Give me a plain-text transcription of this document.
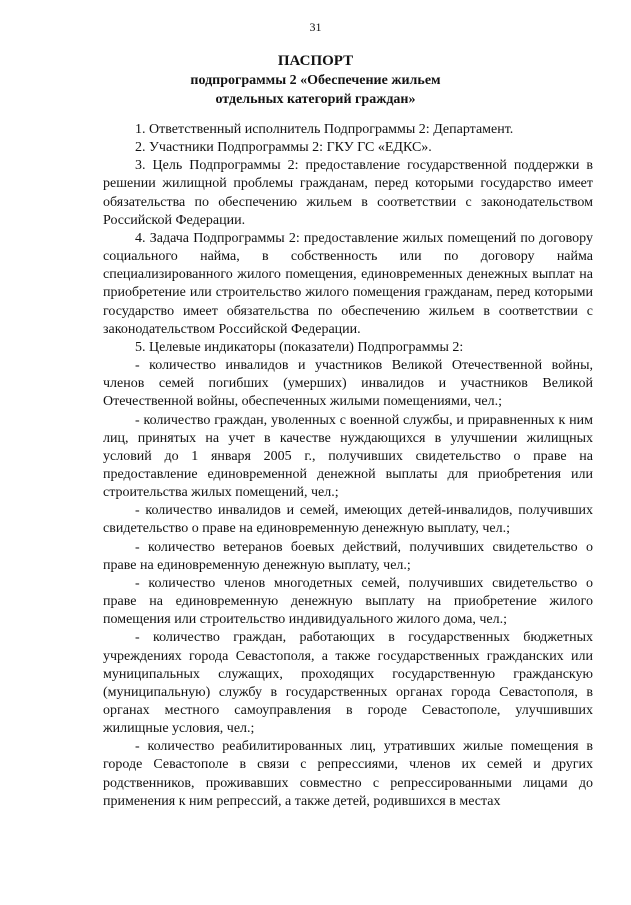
31
ПАСПОРТ
подпрограммы 2 «Обеспечение жильем
отдельных категорий граждан»

1. Ответственный исполнитель Подпрограммы 2: Департамент.

2. Участники Подпрограммы 2: ГКУ ГС «ЕДКС».

3. Цель Подпрограммы 2: предоставление государственной поддержки в решении жилищной проблемы гражданам, перед которыми государство имеет обязательства по обеспечению жильем в соответствии с законодательством Российской Федерации.

4. Задача Подпрограммы 2: предоставление жилых помещений по договору социального найма, в собственность или по договору найма специализированного жилого помещения, единовременных денежных выплат на приобретение или строительство жилого помещения гражданам, перед которыми государство имеет обязательства по обеспечению жильем в соответствии с законодательством Российской Федерации.

5. Целевые индикаторы (показатели) Подпрограммы 2:

- количество инвалидов и участников Великой Отечественной войны, членов семей погибших (умерших) инвалидов и участников Великой Отечественной войны, обеспеченных жилыми помещениями, чел.;

- количество граждан, уволенных с военной службы, и приравненных к ним лиц, принятых на учет в качестве нуждающихся в улучшении жилищных условий до 1 января 2005 г., получивших свидетельство о праве на предоставление единовременной денежной выплаты для приобретения или строительства жилых помещений, чел.;

- количество инвалидов и семей, имеющих детей-инвалидов, получивших свидетельство о праве на единовременную денежную выплату, чел.;

- количество ветеранов боевых действий, получивших свидетельство о праве на единовременную денежную выплату, чел.;

- количество членов многодетных семей, получивших свидетельство о праве на единовременную денежную выплату на приобретение жилого помещения или строительство индивидуального жилого дома, чел.;

- количество граждан, работающих в государственных бюджетных учреждениях города Севастополя, а также государственных гражданских или муниципальных служащих, проходящих государственную гражданскую (муниципальную) службу в государственных органах города Севастополя, в органах местного самоуправления в городе Севастополе, улучшивших жилищные условия, чел.;

- количество реабилитированных лиц, утративших жилые помещения в городе Севастополе в связи с репрессиями, членов их семей и других родственников, проживавших совместно с репрессированными лицами до применения к ним репрессий, а также детей, родившихся в местах
